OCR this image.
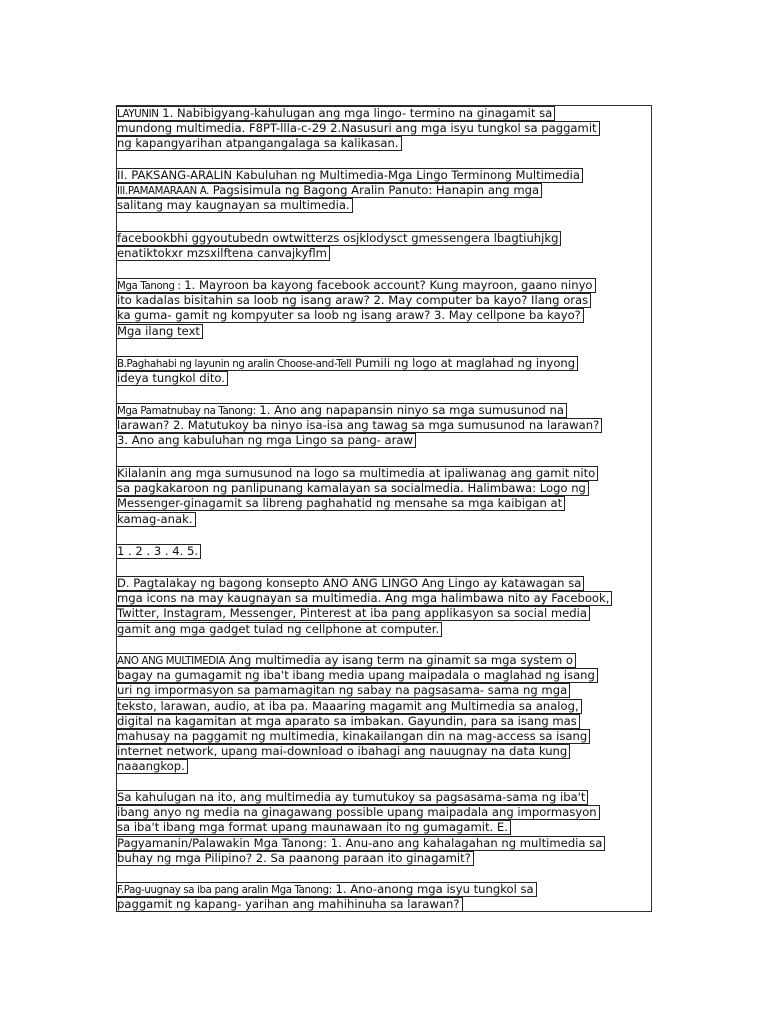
LAYUNIN 1. Nabibigyang-kahulugan ang mga lingo- termino na ginagamit sa
mundong multimedia. F8PT-llla-c-29 2.Nasusuri ang mga isyu tungkol sa paggamit
ng kapangyarihan atpangangalaga sa kalikasan.
II. PAKSANG-ARALIN Kabuluhan ng Multimedia-Mga Lingo Terminong Multimedia
III.PAMAMARAAN A. Pagsisimula ng Bagong Aralin Panuto: Hanapin ang mga
salitang may kaugnayan sa multimedia.
facebookbhi ggyoutubedn owtwitterzs osjklodysct gmessengera lbagtiuhjkg
enatiktokxr mzsxilftena canvajkyflm
Mga Tanong : 1. Mayroon ba kayong facebook account? Kung mayroon, gaano ninyo
ito kadalas bisitahin sa loob ng isang araw? 2. May computer ba kayo? Ilang oras
ka guma- gamit ng kompyuter sa loob ng isang araw? 3. May cellpone ba kayo?
Mga ilang text
B.Paghahabi ng layunin ng aralin Choose-and-Tell Pumili ng logo at maglahad ng inyong
ideya tungkol dito.
Mga Pamatnubay na Tanong: 1. Ano ang napapansin ninyo sa mga sumusunod na
larawan? 2. Matutukoy ba ninyo isa-isa ang tawag sa mga sumusunod na larawan?
3. Ano ang kabuluhan ng mga Lingo sa pang- araw
Kilalanin ang mga sumusunod na logo sa multimedia at ipaliwanag ang gamit nito
sa pagkakaroon ng panlipunang kamalayan sa socialmedia. Halimbawa: Logo ng
Messenger-ginagamit sa libreng paghahatid ng mensahe sa mga kaibigan at
kamag-anak.
1 . 2 . 3 . 4. 5.
D. Pagtalakay ng bagong konsepto ANO ANG LINGO Ang Lingo ay katawagan sa
mga icons na may kaugnayan sa multimedia. Ang mga halimbawa nito ay Facebook,
Twitter, Instagram, Messenger, Pinterest at iba pang applikasyon sa social media
gamit ang mga gadget tulad ng cellphone at computer.
ANO ANG MULTIMEDIA Ang multimedia ay isang term na ginamit sa mga system o
bagay na gumagamit ng iba't ibang media upang maipadala o maglahad ng isang
uri ng impormasyon sa pamamagitan ng sabay na pagsasama- sama ng mga
teksto, larawan, audio, at iba pa. Maaaring magamit ang Multimedia sa analog,
digital na kagamitan at mga aparato sa imbakan. Gayundin, para sa isang mas
mahusay na paggamit ng multimedia, kinakailangan din na mag-access sa isang
internet network, upang mai-download o ibahagi ang nauugnay na data kung
naaangkop.
Sa kahulugan na ito, ang multimedia ay tumutukoy sa pagsasama-sama ng iba't
ibang anyo ng media na ginagawang possible upang maipadala ang impormasyon
sa iba't ibang mga format upang maunawaan ito ng gumagamit. E.
Pagyamanin/Palawakin Mga Tanong: 1. Anu-ano ang kahalagahan ng multimedia sa
buhay ng mga Pilipino? 2. Sa paanong paraan ito ginagamit?
F.Pag-uugnay sa iba pang aralin Mga Tanong: 1. Ano-anong mga isyu tungkol sa
paggamit ng kapang- yarihan ang mahihinuha sa larawan?
